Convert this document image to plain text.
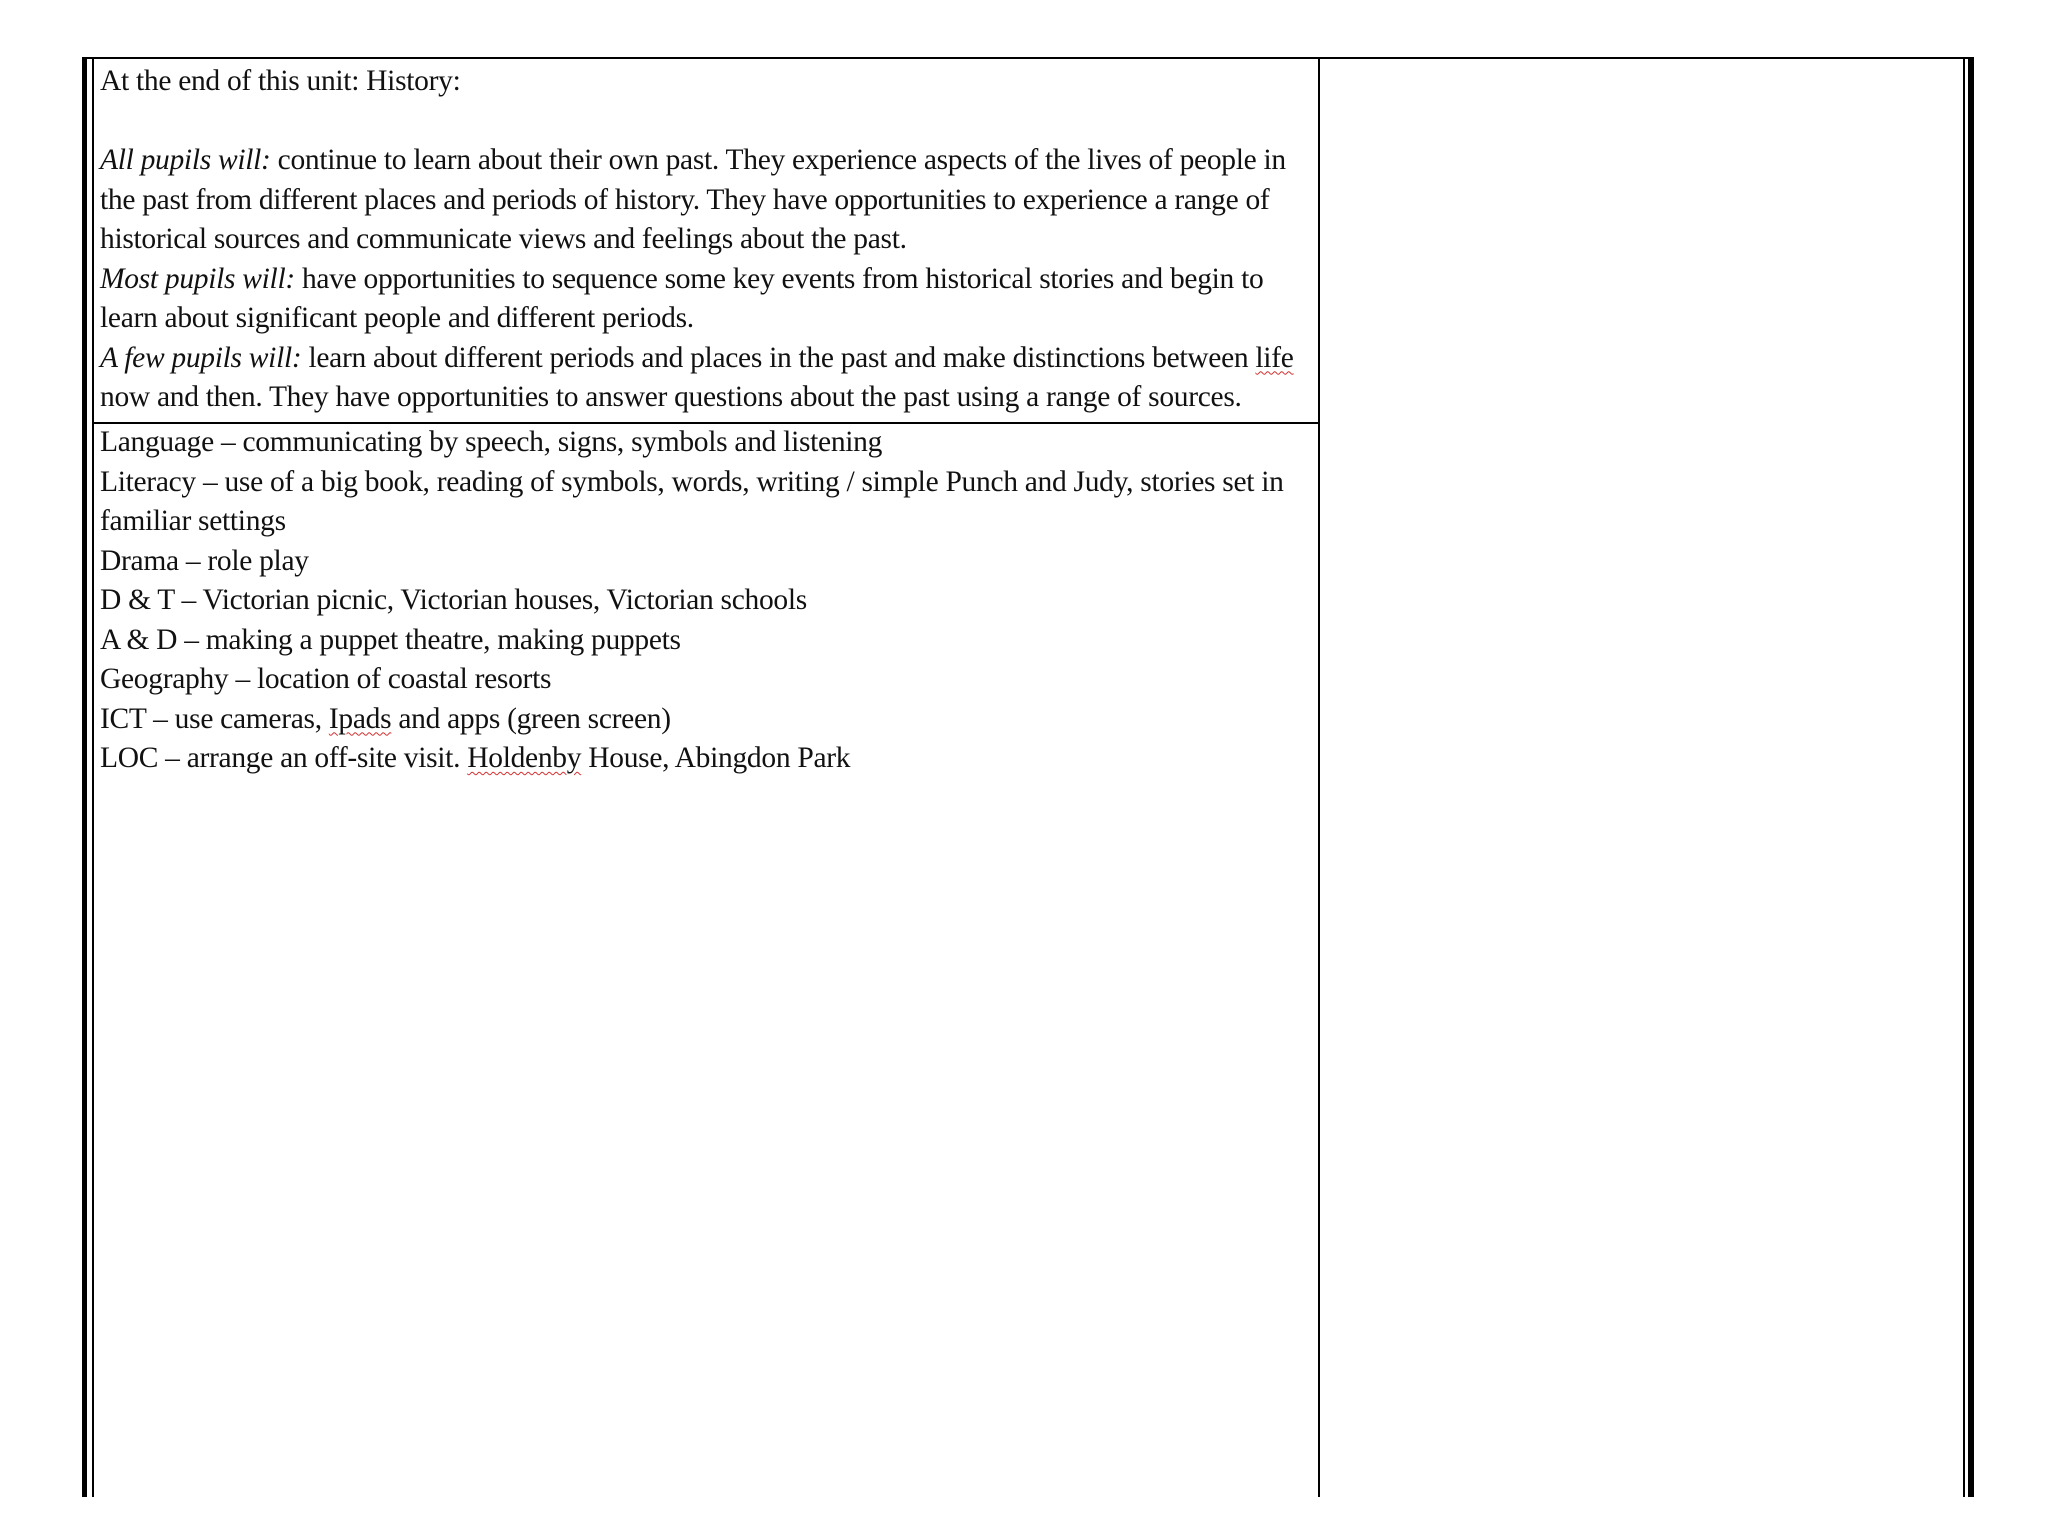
At the end of this unit: History:
All pupils will: continue to learn about their own past. They experience aspects of the lives of people in
the past from different places and periods of history. They have opportunities to experience a range of
historical sources and communicate views and feelings about the past.
Most pupils will: have opportunities to sequence some key events from historical stories and begin to
learn about significant people and different periods.
A few pupils will: learn about different periods and places in the past and make distinctions between life
now and then. They have opportunities to answer questions about the past using a range of sources.
Language – communicating by speech, signs, symbols and listening
Literacy – use of a big book, reading of symbols, words, writing / simple Punch and Judy, stories set in
familiar settings
Drama – role play
D & T – Victorian picnic, Victorian houses, Victorian schools
A & D – making a puppet theatre, making puppets
Geography – location of coastal resorts
ICT – use cameras, Ipads and apps (green screen)
LOC – arrange an off-site visit. Holdenby House, Abingdon Park
